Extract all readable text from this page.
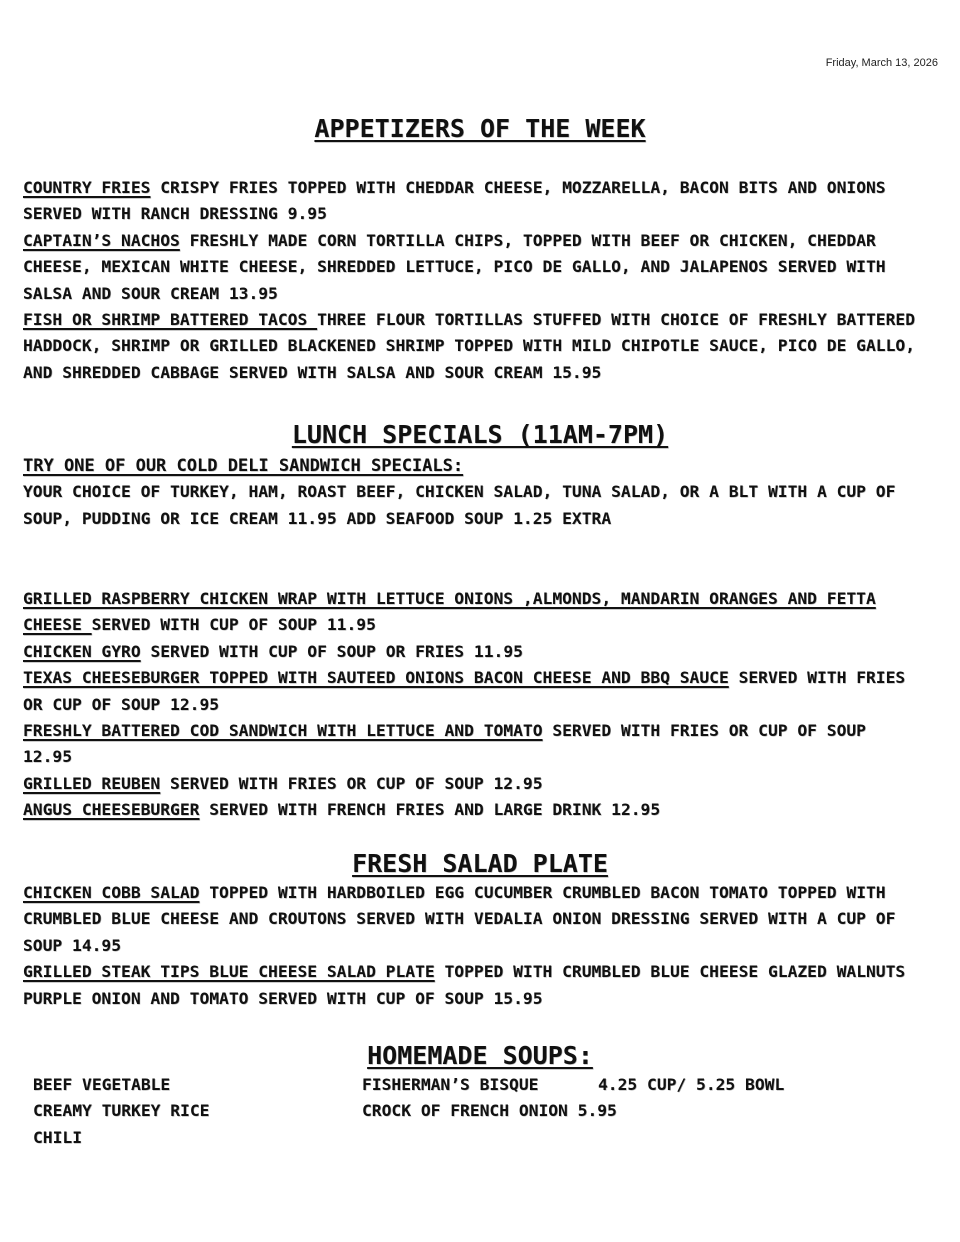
Friday, March 13, 2026
APPETIZERS OF THE WEEK
COUNTRY FRIES CRISPY FRIES TOPPED WITH CHEDDAR CHEESE, MOZZARELLA, BACON BITS AND ONIONS SERVED WITH RANCH DRESSING 9.95
CAPTAIN’S NACHOS FRESHLY MADE CORN TORTILLA CHIPS, TOPPED WITH BEEF OR CHICKEN, CHEDDAR CHEESE, MEXICAN WHITE CHEESE, SHREDDED LETTUCE, PICO DE GALLO, AND JALAPENOS SERVED WITH SALSA AND SOUR CREAM 13.95
FISH OR SHRIMP BATTERED TACOS THREE FLOUR TORTILLAS STUFFED WITH CHOICE OF FRESHLY BATTERED HADDOCK, SHRIMP OR GRILLED BLACKENED SHRIMP TOPPED WITH MILD CHIPOTLE SAUCE, PICO DE GALLO, AND SHREDDED CABBAGE SERVED WITH SALSA AND SOUR CREAM 15.95
LUNCH SPECIALS (11AM-7PM)
TRY ONE OF OUR COLD DELI SANDWICH SPECIALS:
YOUR CHOICE OF TURKEY, HAM, ROAST BEEF, CHICKEN SALAD, TUNA SALAD, OR A BLT WITH A CUP OF SOUP, PUDDING OR ICE CREAM 11.95 ADD SEAFOOD SOUP 1.25 EXTRA
GRILLED RASPBERRY CHICKEN WRAP WITH LETTUCE ONIONS ,ALMONDS, MANDARIN ORANGES AND FETTA CHEESE SERVED WITH CUP OF SOUP 11.95
CHICKEN GYRO SERVED WITH CUP OF SOUP OR FRIES 11.95
TEXAS CHEESEBURGER TOPPED WITH SAUTEED ONIONS BACON CHEESE AND BBQ SAUCE SERVED WITH FRIES OR CUP OF SOUP 12.95
FRESHLY BATTERED COD SANDWICH WITH LETTUCE AND TOMATO SERVED WITH FRIES OR CUP OF SOUP 12.95
GRILLED REUBEN SERVED WITH FRIES OR CUP OF SOUP 12.95
ANGUS CHEESEBURGER SERVED WITH FRENCH FRIES AND LARGE DRINK 12.95
FRESH SALAD PLATE
CHICKEN COBB SALAD TOPPED WITH HARDBOILED EGG CUCUMBER CRUMBLED BACON TOMATO TOPPED WITH CRUMBLED BLUE CHEESE AND CROUTONS SERVED WITH VEDALIA ONION DRESSING SERVED WITH A CUP OF SOUP 14.95
GRILLED STEAK TIPS BLUE CHEESE SALAD PLATE TOPPED WITH CRUMBLED BLUE CHEESE GLAZED WALNUTS PURPLE ONION AND TOMATO SERVED WITH CUP OF SOUP 15.95
HOMEMADE SOUPS:
BEEF VEGETABLE
CREAMY TURKEY RICE
CHILI
FISHERMAN’S BISQUE
CROCK OF FRENCH ONION 5.95
4.25 CUP/ 5.25 BOWL
